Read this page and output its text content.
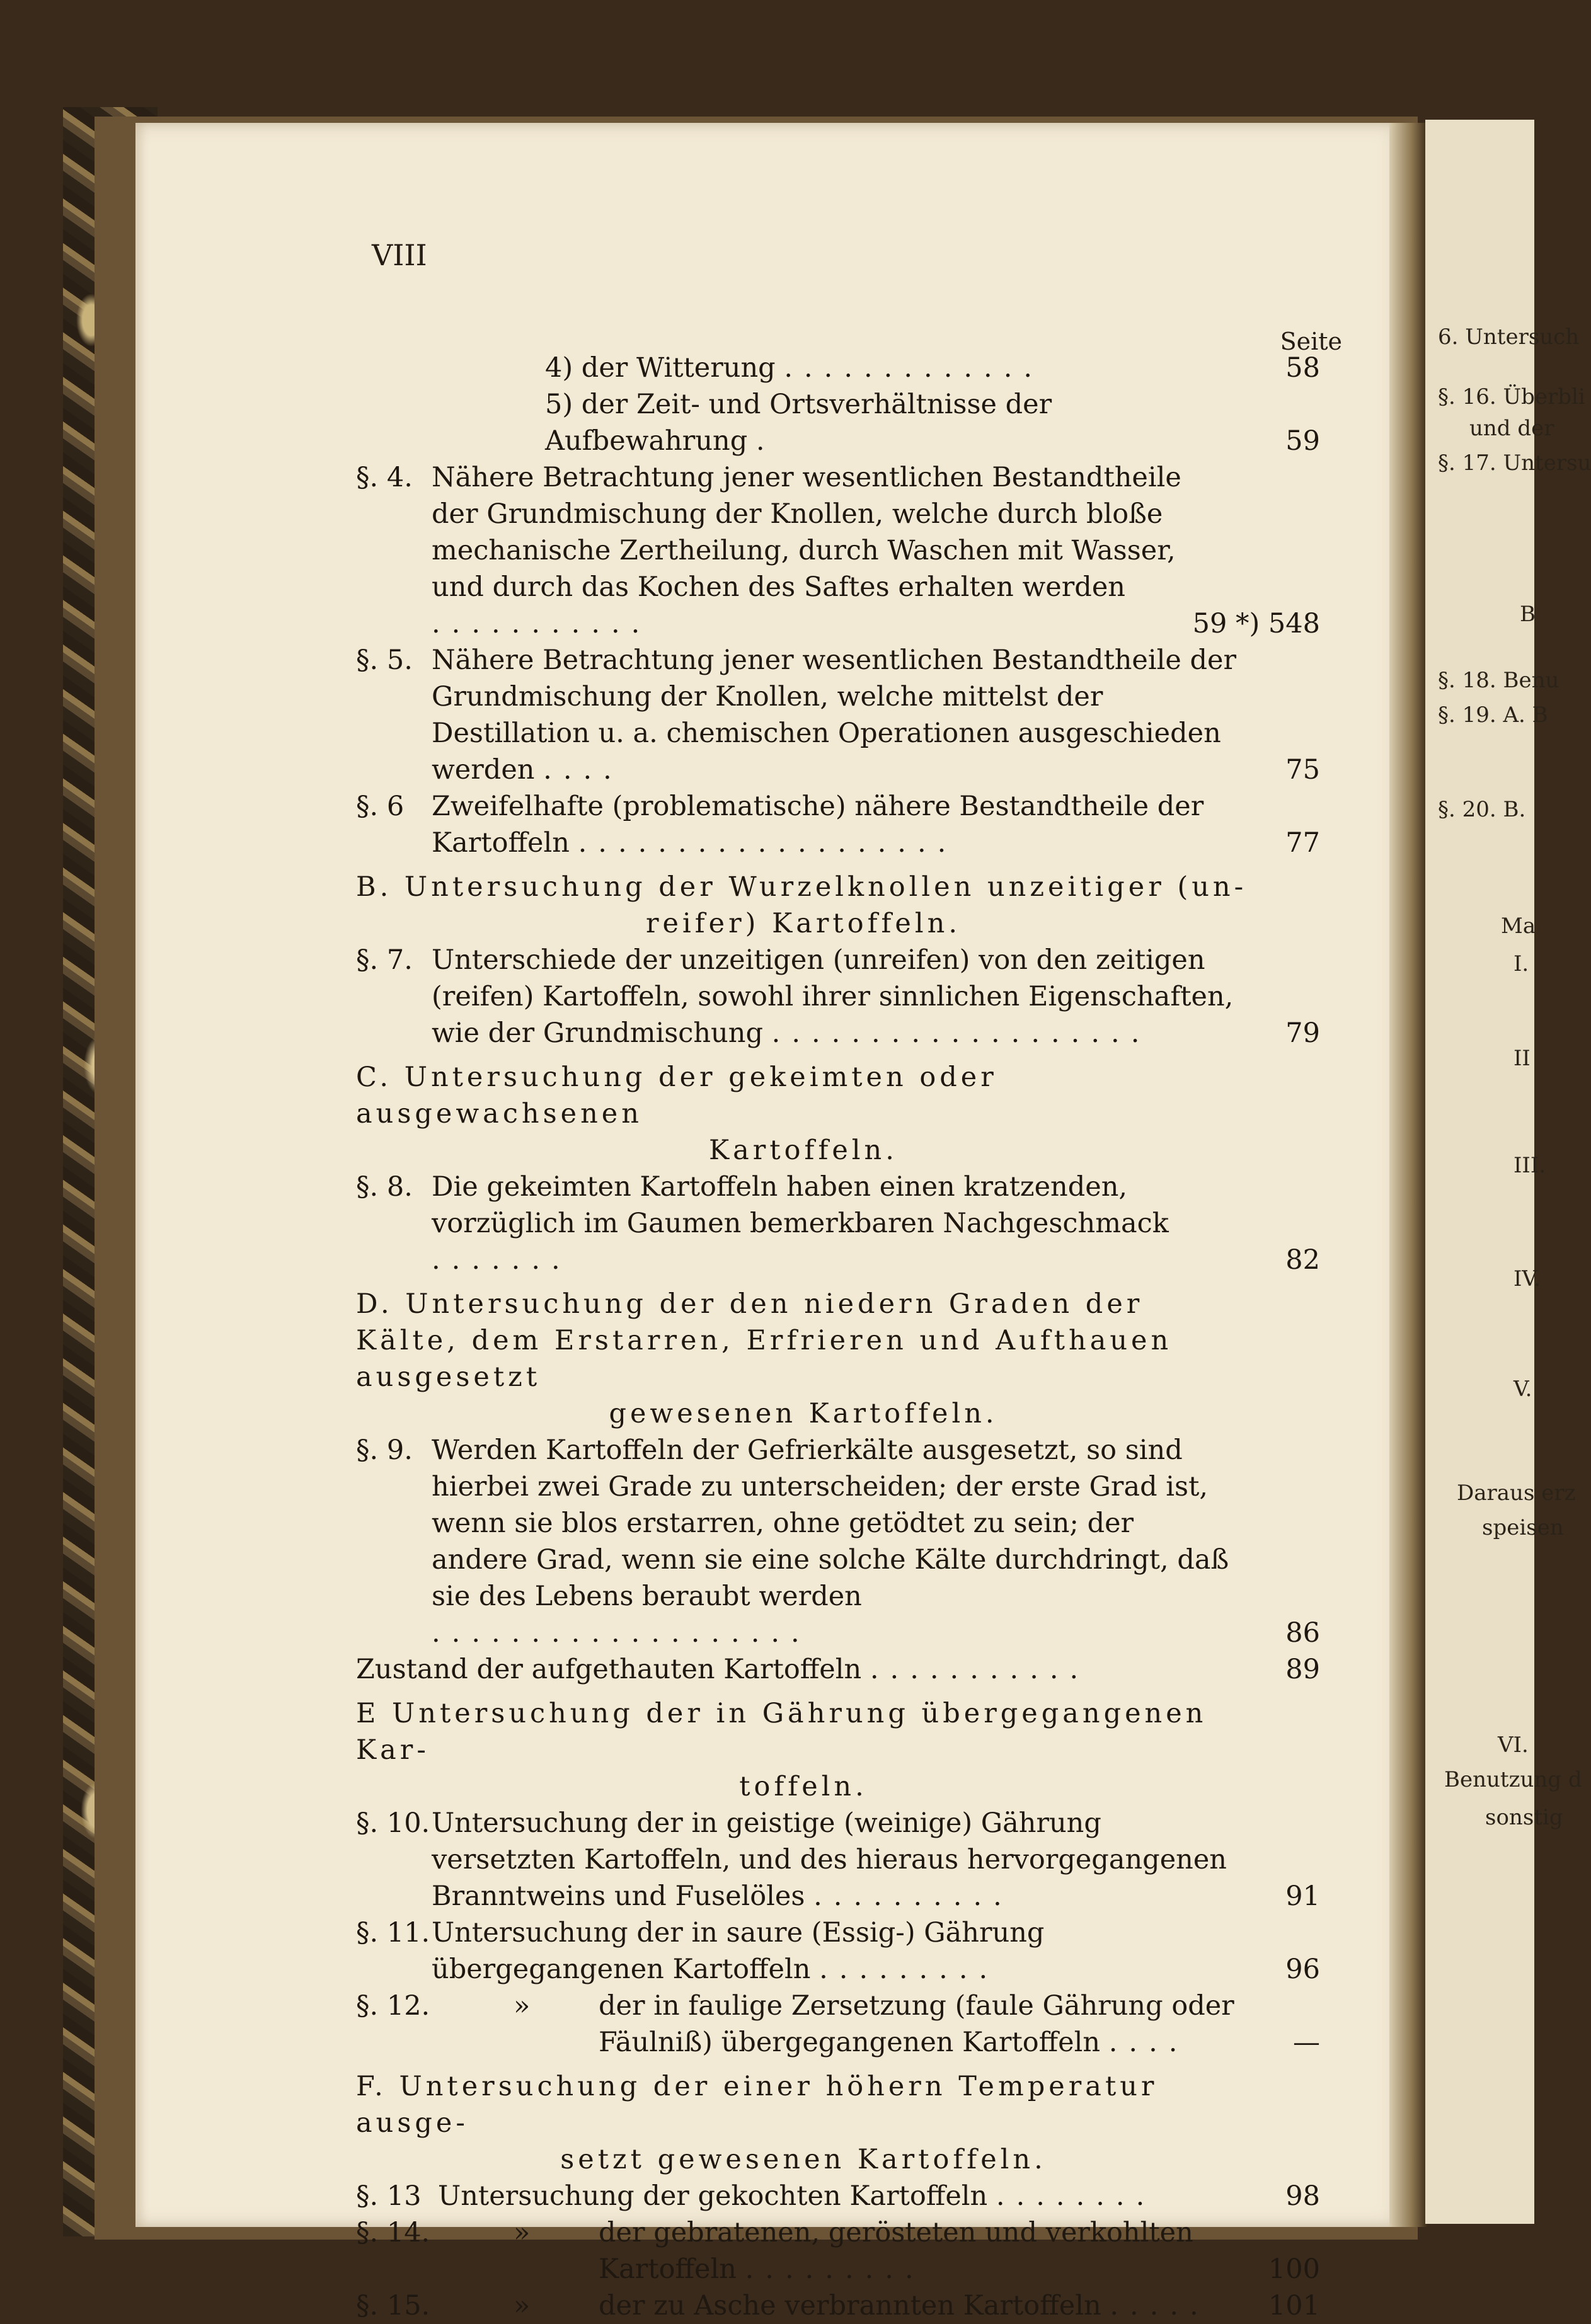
6. Untersuch
§. 16. Überbli
und der
§. 17. Untersu
B
§. 18. Benu
§. 19. A. B
§. 20. B.
Ma
I.
II
III.
IV.
V.
Daraus erz
speisen
VI.
Benutzung d
sonstig
VIII
Seite
4) der Witterung .............	58
5) der Zeit- und Ortsverhältnisse der Aufbewahrung .	59
§. 4. Nähere Betrachtung jener wesentlichen Bestandtheile der Grundmischung der Knollen, welche durch bloße mechanische Zertheilung, durch Waschen mit Wasser, und durch das Kochen des Saftes erhalten werden ...........	59 *) 548
§. 5. Nähere Betrachtung jener wesentlichen Bestandtheile der Grundmischung der Knollen, welche mittelst der Destillation u. a. chemischen Operationen ausgeschieden werden ....	75
§. 6	Zweifelhafte (problematische) nähere Bestandtheile der Kartoffeln ...................	77
B. Untersuchung der Wurzelknollen unzeitiger (un-
reifer) Kartoffeln.
§. 7. Unterschiede der unzeitigen (unreifen) von den zeitigen (reifen) Kartoffeln, sowohl ihrer sinnlichen Eigenschaften, wie der Grundmischung ...................	79
C. Untersuchung der gekeimten oder ausgewachsenen
Kartoffeln.
§. 8. Die gekeimten Kartoffeln haben einen kratzenden, vorzüglich im Gaumen bemerkbaren Nachgeschmack .......	82
D. Untersuchung der den niedern Graden der Kälte, dem Erstarren, Erfrieren und Aufthauen ausgesetzt
gewesenen Kartoffeln.
§. 9. Werden Kartoffeln der Gefrierkälte ausgesetzt, so sind hierbei zwei Grade zu unterscheiden; der erste Grad ist, wenn sie blos erstarren, ohne getödtet zu sein; der andere Grad, wenn sie eine solche Kälte durchdringt, daß sie des Lebens beraubt werden ...................	86
Zustand der aufgethauten Kartoffeln ...........	89
E Untersuchung der in Gährung übergegangenen Kar-
toffeln.
§. 10. Untersuchung der in geistige (weinige) Gährung versetzten Kartoffeln, und des hieraus hervorgegangenen Branntweins und Fuselöles ..........	91
§. 11. Untersuchung der in saure (Essig-) Gährung übergegangenen Kartoffeln .........	96
§. 12.	»	der in faulige Zersetzung (faule Gährung oder Fäulniß) übergegangenen Kartoffeln ....	—
F. Untersuchung der einer höhern Temperatur ausge-
setzt gewesenen Kartoffeln.
§. 13 Untersuchung der gekochten Kartoffeln ........	98
§. 14.	»	der gebratenen, gerösteten und verkohlten Kartoffeln .........	100
§. 15.	»	der zu Asche verbrannten Kartoffeln .....	101
